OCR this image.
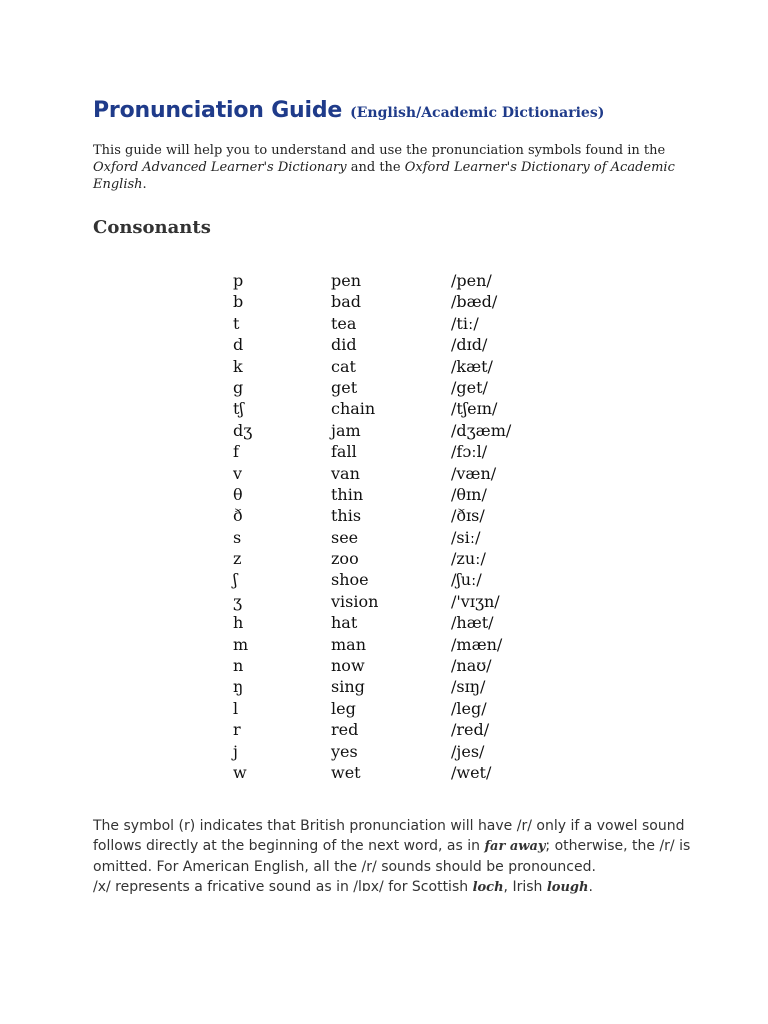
Pronunciation Guide (English/Academic Dictionaries)

This guide will help you to understand and use the pronunciation symbols found in the Oxford Advanced Learner's Dictionary and the Oxford Learner's Dictionary of Academic English.

Consonants
p	pen	/pen/
b	bad	/bæd/
t	tea	/tiː/
d	did	/dɪd/
k	cat	/kæt/
g	get	/get/
tʃ	chain	/tʃeɪn/
dʒ	jam	/dʒæm/
f	fall	/fɔːl/
v	van	/væn/
θ	thin	/θɪn/
ð	this	/ðɪs/
s	see	/siː/
z	zoo	/zuː/
ʃ	shoe	/ʃuː/
ʒ	vision	/'vɪʒn/
h	hat	/hæt/
m	man	/mæn/
n	now	/naʊ/
ŋ	sing	/sɪŋ/
l	leg	/leg/
r	red	/red/
j	yes	/jes/
w	wet	/wet/

The symbol (r) indicates that British pronunciation will have /r/ only if a vowel sound follows directly at the beginning of the next word, as in far away; otherwise, the /r/ is omitted. For American English, all the /r/ sounds should be pronounced.

/x/ represents a fricative sound as in /lɒx/ for Scottish loch, Irish lough.
